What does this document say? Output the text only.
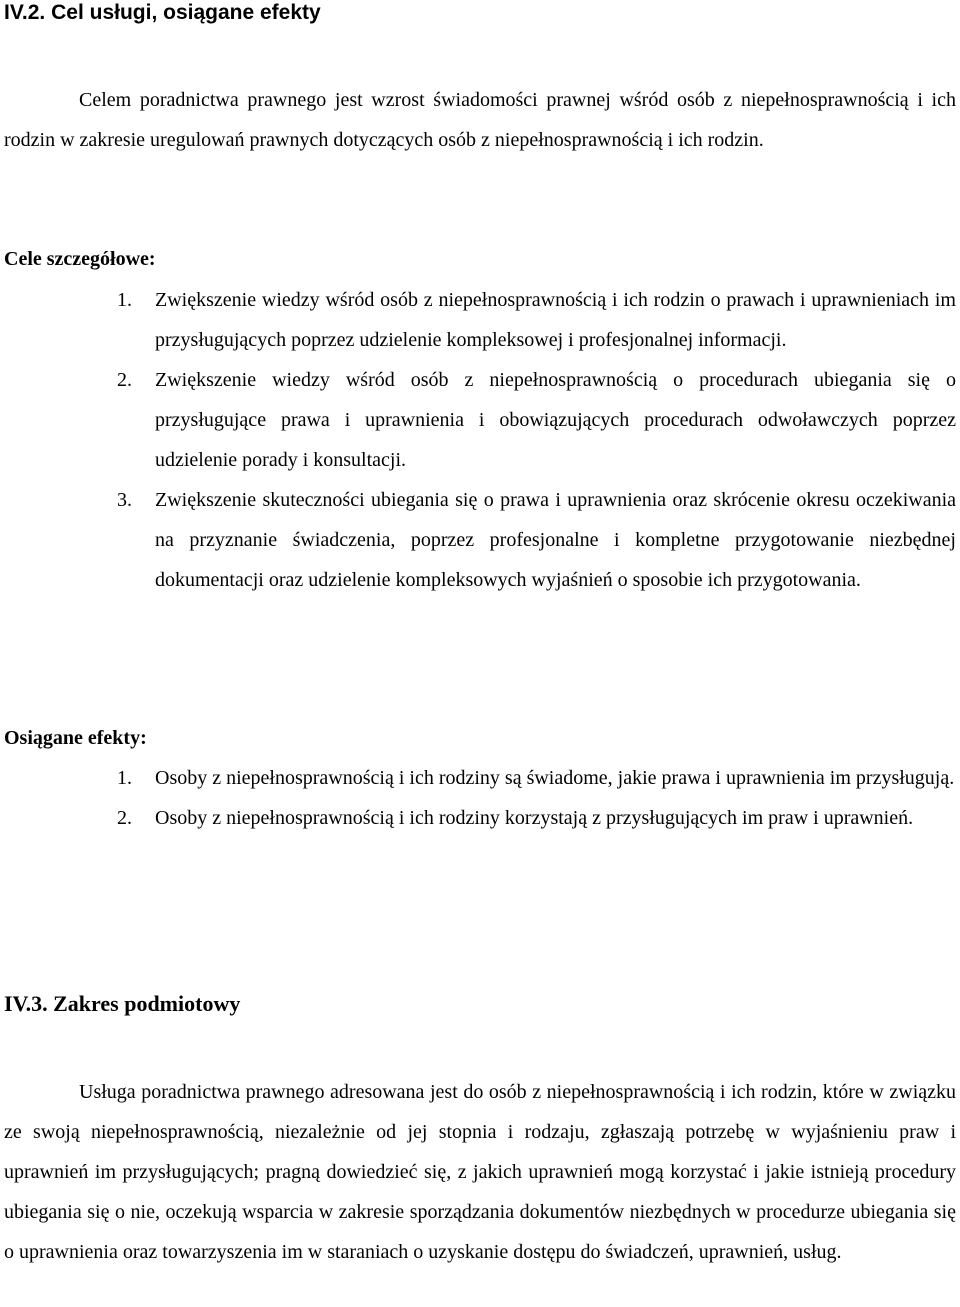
IV.2. Cel usługi, osiągane efekty

Celem poradnictwa prawnego jest wzrost świadomości prawnej wśród osób z niepełnosprawnością i ich rodzin w zakresie uregulowań prawnych dotyczących osób z niepełnosprawnością i ich rodzin.

Cele szczegółowe:
1. Zwiększenie wiedzy wśród osób z niepełnosprawnością i ich rodzin o prawach i uprawnieniach im przysługujących poprzez udzielenie kompleksowej i profesjonalnej informacji.
2. Zwiększenie wiedzy wśród osób z niepełnosprawnością o procedurach ubiegania się o przysługujące prawa i uprawnienia i obowiązujących procedurach odwoławczych poprzez udzielenie porady i konsultacji.
3. Zwiększenie skuteczności ubiegania się o prawa i uprawnienia oraz skrócenie okresu oczekiwania na przyznanie świadczenia, poprzez profesjonalne i kompletne przygotowanie niezbędnej dokumentacji oraz udzielenie kompleksowych wyjaśnień o sposobie ich przygotowania.
Osiągane efekty:
1. Osoby z niepełnosprawnością i ich rodziny są świadome, jakie prawa i uprawnienia im przysługują.
2. Osoby z niepełnosprawnością i ich rodziny korzystają z przysługujących im praw i uprawnień.
IV.3. Zakres podmiotowy

Usługa poradnictwa prawnego adresowana jest do osób z niepełnosprawnością i ich rodzin, które w związku ze swoją niepełnosprawnością, niezależnie od jej stopnia i rodzaju, zgłaszają potrzebę w wyjaśnieniu praw i uprawnień im przysługujących; pragną dowiedzieć się, z jakich uprawnień mogą korzystać i jakie istnieją procedury ubiegania się o nie, oczekują wsparcia w zakresie sporządzania dokumentów niezbędnych w procedurze ubiegania się o uprawnienia oraz towarzyszenia im w staraniach o uzyskanie dostępu do świadczeń, uprawnień, usług.
